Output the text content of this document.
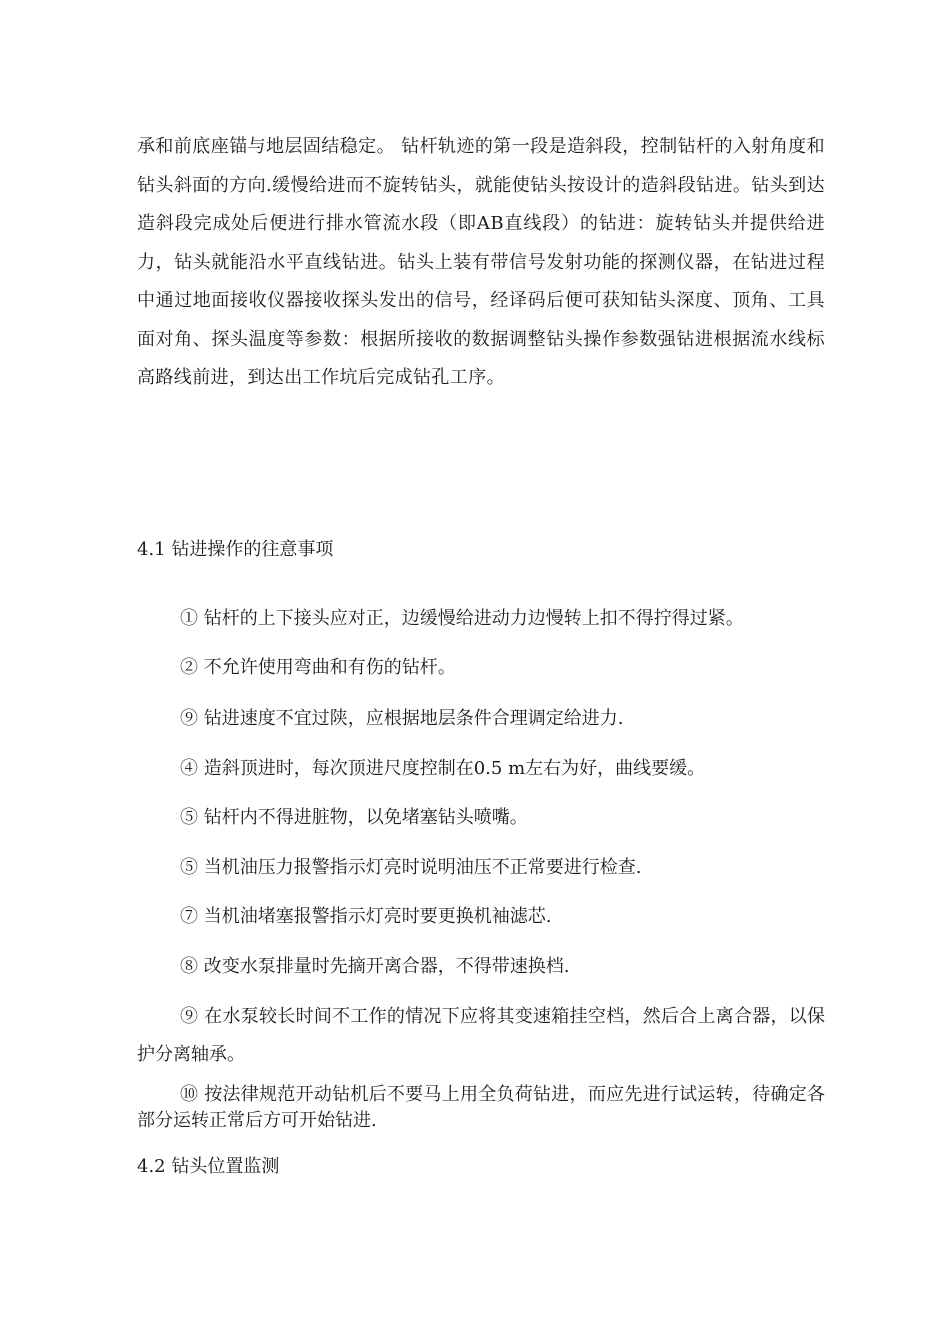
承和前底座锚与地层固结稳定。 钻杆轨迹的第一段是造斜段，控制钻杆的入射角度和钻头斜面的方向.缓慢给进而不旋转钻头，就能使钻头按设计的造斜段钻进。钻头到达造斜段完成处后便进行排水管流水段（即AB直线段）的钻进：旋转钻头并提供给进力，钻头就能沿水平直线钻进。钻头上装有带信号发射功能的探测仪器，在钻进过程中通过地面接收仪器接收探头发出的信号，经译码后便可获知钻头深度、顶角、工具面对角、探头温度等参数：根据所接收的数据调整钻头操作参数强钻进根据流水线标高路线前进，到达出工作坑后完成钻孔工序。

4.1 钻进操作的往意事项

① 钻杆的上下接头应对正，边缓慢给进动力边慢转上扣不得拧得过紧。

② 不允许使用弯曲和有伤的钻杆。

⑨ 钻进速度不宜过陕，应根据地层条件合理调定给进力.

④ 造斜顶进时，每次顶进尺度控制在0.5 m左右为好，曲线要缓。

⑤ 钻杆内不得进脏物，以免堵塞钻头喷嘴。

⑤ 当机油压力报警指示灯亮时说明油压不正常要进行检查.

⑦ 当机油堵塞报警指示灯亮时要更换机袖滤芯.

⑧ 改变水泵排量时先摘开离合器，不得带速换档.

⑨ 在水泵较长时间不工作的情况下应将其变速箱挂空档，然后合上离合器，以保护分离轴承。

⑩ 按法律规范开动钻机后不要马上用全负荷钻进，而应先进行试运转，待确定各部分运转正常后方可开始钻进.

4.2 钻头位置监测
